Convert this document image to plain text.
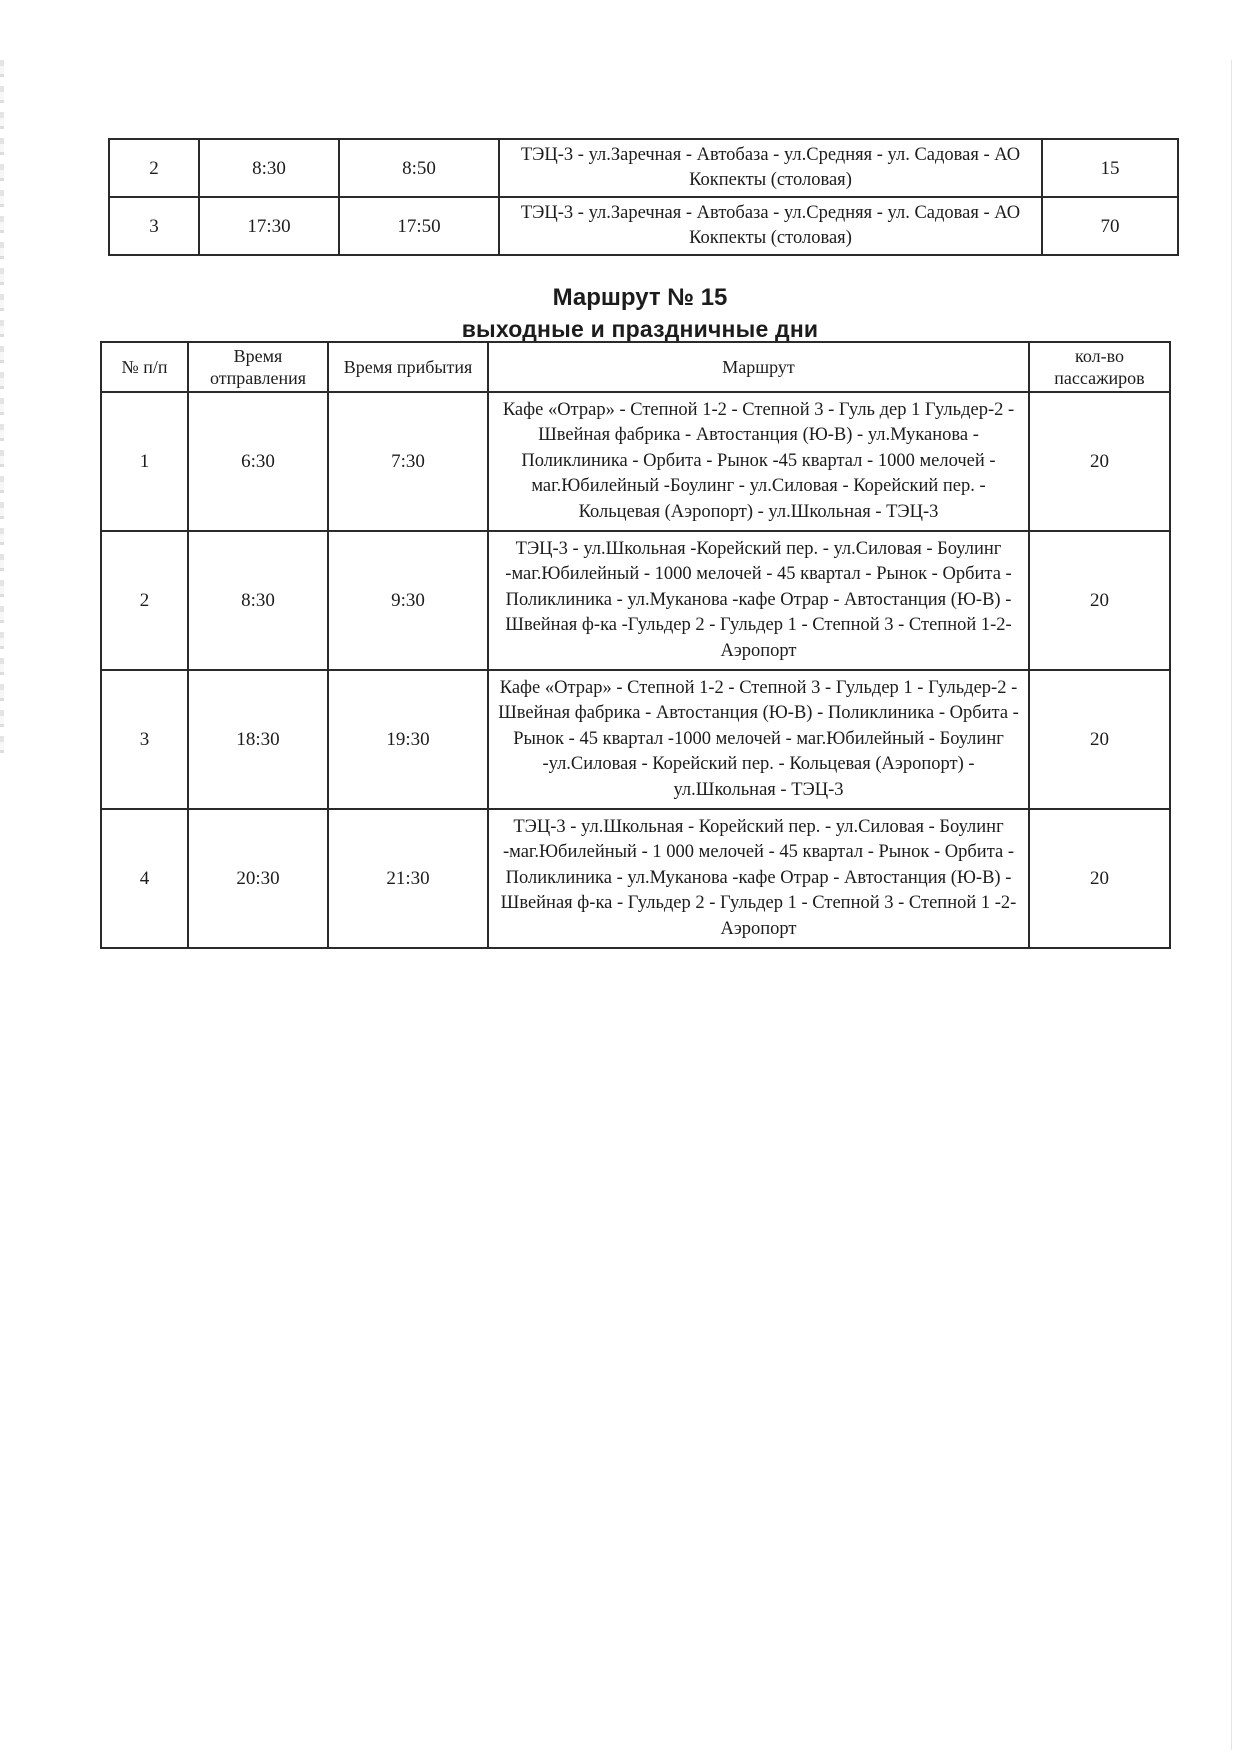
2	8:30	8:50	ТЭЦ-3 - ул.Заречная - Автобаза - ул.Средняя - ул. Садовая - АО Кокпекты (столовая)	15
3	17:30	17:50	ТЭЦ-3 - ул.Заречная - Автобаза - ул.Средняя - ул. Садовая - АО Кокпекты (столовая)	70
Маршрут № 15
выходные и праздничные дни
№ п/п	Время отправления	Время прибытия	Маршрут	кол-во пассажиров
1	6:30	7:30	Кафе «Отрар» - Степной 1-2 - Степной 3 - Гуль дер 1 Гульдер-2 - Швейная фабрика - Автостанция (Ю-В) - ул.Муканова - Поликлиника - Орбита - Рынок -45 квартал - 1000 мелочей - маг.Юбилейный -Боулинг - ул.Силовая - Корейский пер. - Кольцевая (Аэропорт) - ул.Школьная - ТЭЦ-3	20
2	8:30	9:30	ТЭЦ-3 - ул.Школьная -Корейский пер. - ул.Силовая - Боулинг -маг.Юбилейный - 1000 мелочей - 45 квартал - Рынок - Орбита - Поликлиника - ул.Муканова -кафе Отрар - Автостанция (Ю-В) - Швейная ф-ка -Гульдер 2 - Гульдер 1 - Степной 3 - Степной 1-2-Аэропорт	20
3	18:30	19:30	Кафе «Отрар» - Степной 1-2 - Степной 3 - Гульдер 1 - Гульдер-2 - Швейная фабрика - Автостанция (Ю-В) - Поликлиника - Орбита - Рынок - 45 квартал -1000 мелочей - маг.Юбилейный - Боулинг -ул.Силовая - Корейский пер. - Кольцевая (Аэропорт) - ул.Школьная - ТЭЦ-3	20
4	20:30	21:30	ТЭЦ-3 - ул.Школьная - Корейский пер. - ул.Силовая - Боулинг -маг.Юбилейный - 1 000 мелочей - 45 квартал - Рынок - Орбита - Поликлиника - ул.Муканова -кафе Отрар - Автостанция (Ю-В) - Швейная ф-ка - Гульдер 2 - Гульдер 1 - Степной 3 - Степной 1 -2-Аэропорт	20
